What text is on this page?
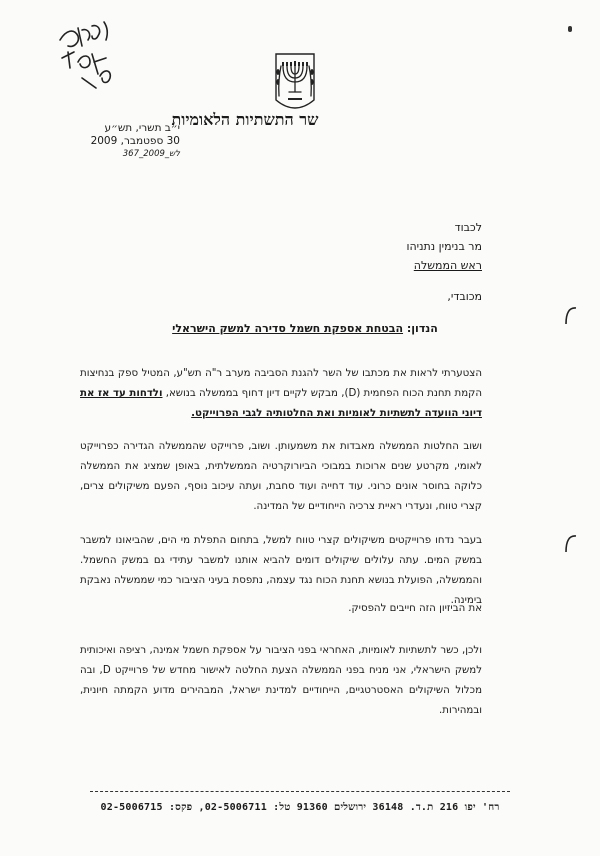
שר התשתיות הלאומיות
י״ב תשרי, תש״ע
30 ספטמבר, 2009
לש_2009_367
לכבוד
מר בנימין נתניהו
ראש הממשלה
מכובדי,
הנדון: הבטחת אספקת חשמל סדירה למשק הישראלי
הצטערתי לראות את מכתבו של השר להגנת הסביבה מערב ר"ה תש"ע, המטיל ספק בנחיצות הקמת תחנת הכוח הפחמית (D), מבקש לקיים דיון דחוף בממשלה בנושא, ולדחות עד אז את דיוני הוועדה לתשתיות לאומיות ואת החלטותיה לגבי הפרוייקט.
ושוב החלטות הממשלה מאבדות את משמעותן. ושוב, פרוייקט שהממשלה הגדירה כפרוייקט לאומי, מקרטע שנים ארוכות במבוכי הביורוקרטיה הממשלתית, באופן שמציג את הממשלה כלוקה בחוסר אונים כרוני. עוד דחייה ועוד סחבת, ועתה עיכוב נוסף, הפעם משיקולים צרים, קצרי טווח, ונעדרי ראיית צרכיה הייחודיים של המדינה.
בעבר נדחו פרוייקטים משיקולים קצרי טווח למשל, בתחום התפלת מי הים, שהביאונו למשבר במשק המים. עתה עלולים שיקולים דומים להביא אותנו למשבר עתידי גם במשק החשמל. והממשלה, הפועלת בנושא תחנת הכוח נגד עצמה, נתפסת בעיני הציבור כמי שממשלה נאבקת בימינה.
את הביזיון הזה חייבים להפסיק.
ולכן, כשר לתשתיות לאומיות, האחראי בפני הציבור על אספקת חשמל אמינה, רציפה ואיכותית למשק הישראלי, אני מניח בפני הממשלה הצעת החלטה לאישור מחדש של פרוייקט D, ובה מכלול השיקולים האסטרטגיים, הייחודיים למדינת ישראל, המבהירים מדוע הקמתה חיונית, ובמהירות.
רח' יפו 216 ת.ד. 36148 ירושלים 91360 טל: 02-5006711, פקס: 02-5006715
